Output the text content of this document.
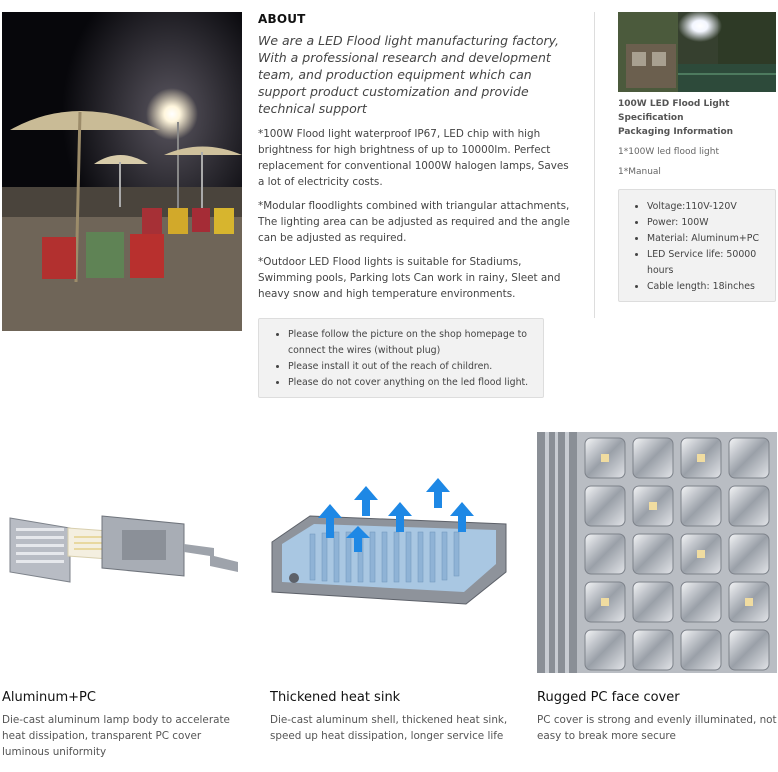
ABOUT

We are a LED Flood light manufacturing factory, With a professional research and development team, and production equipment which can support product customization and provide technical support

*100W Flood light waterproof IP67, LED chip with high brightness for high brightness of up to 10000lm. Perfect replacement for conventional 1000W halogen lamps, Saves a lot of electricity costs.

*Modular floodlights combined with triangular attachments, The lighting area can be adjusted as required and the angle can be adjusted as required.

*Outdoor LED Flood lights is suitable for Stadiums, Swimming pools, Parking lots Can work in rainy, Sleet and heavy snow and high temperature environments.

• Please follow the picture on the shop homepage to connect the wires (without plug)
• Please install it out of the reach of children.
• Please do not cover anything on the led flood light.
100W LED Flood Light Specification
Packaging Information
1*100W led flood light
1*Manual
• Voltage:110V-120V
• Power: 100W
• Material: Aluminum+PC
• LED Service life: 50000 hours
• Cable length: 18inches
Aluminum+PC
Die-cast aluminum lamp body to accelerate heat dissipation, transparent PC cover luminous uniformity
Thickened heat sink
Die-cast aluminum shell, thickened heat sink, speed up heat dissipation, longer service life
Rugged PC face cover
PC cover is strong and evenly illuminated, not easy to break more secure
